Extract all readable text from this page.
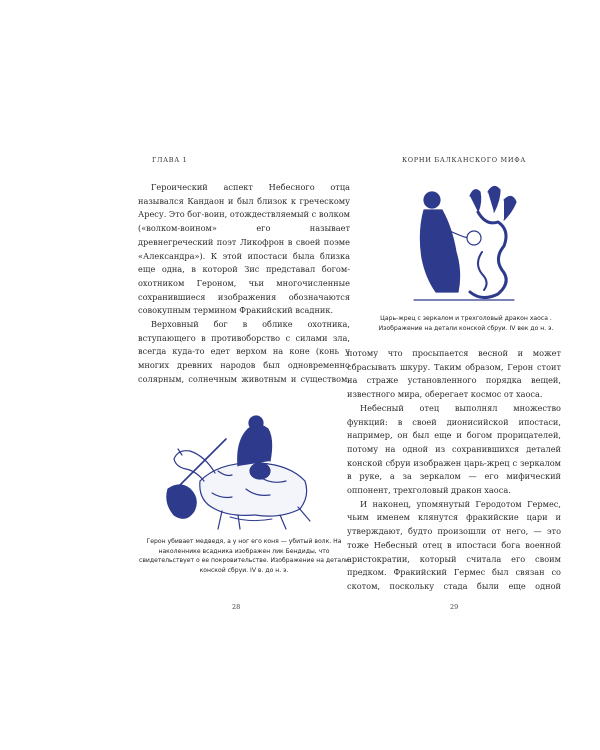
ГЛАВА 1

Героический аспект Небесного отца назывался Кандаон и был близок к греческому Аресу. Это бог-воин, отождествляемый с волком («волком-воином» его называет древнегреческий поэт Ликофрон в своей поэме «Александра»). К этой ипостаси была близка еще одна, в которой Зис представал богом-охотником Героном, чьи многочисленные сохранившиеся изображения обозначаются совокупным термином Фракийский всадник.

Верховный бог в облике охотника, вступающего в противоборство с силами зла, всегда куда-то едет верхом на коне (конь у многих древних народов был одновременно солярным, солнечным животным и существом,

Герон убивает медведя, а у ног его коня — убитый волк. На наколеннике всадника изображен лик Бендиды, что свидетельствует о ее покровительстве. Изображение на детали конской сбруи. IV в. до н. э.
28
КОРНИ БАЛКАНСКОГО МИФА
Царь-жрец с зеркалом и трехголовый дракон хаоса . Изображение на детали конской сбруи. IV век до н. э.

потому что просыпается весной и может сбрасывать шкуру. Таким образом, Герон стоит на страже установленного порядка вещей, известного мира, оберегает космос от хаоса.

Небесный отец выполнял множество функций: в своей дионисийской ипостаси, например, он был еще и богом прорицателей, потому на одной из сохранившихся деталей конской сбруи изображен царь-жрец с зеркалом в руке, а за зеркалом — его мифический оппонент, трехголовый дракон хаоса.

И наконец, упомянутый Геродотом Гермес, чьим именем клянутся фракийские цари и утверждают, будто произошли от него, — это тоже Небесный отец в ипостаси бога военной аристократии, который считала его своим предком. Фракийский Гермес был связан со скотом, поскольку стада были еще одной

29
